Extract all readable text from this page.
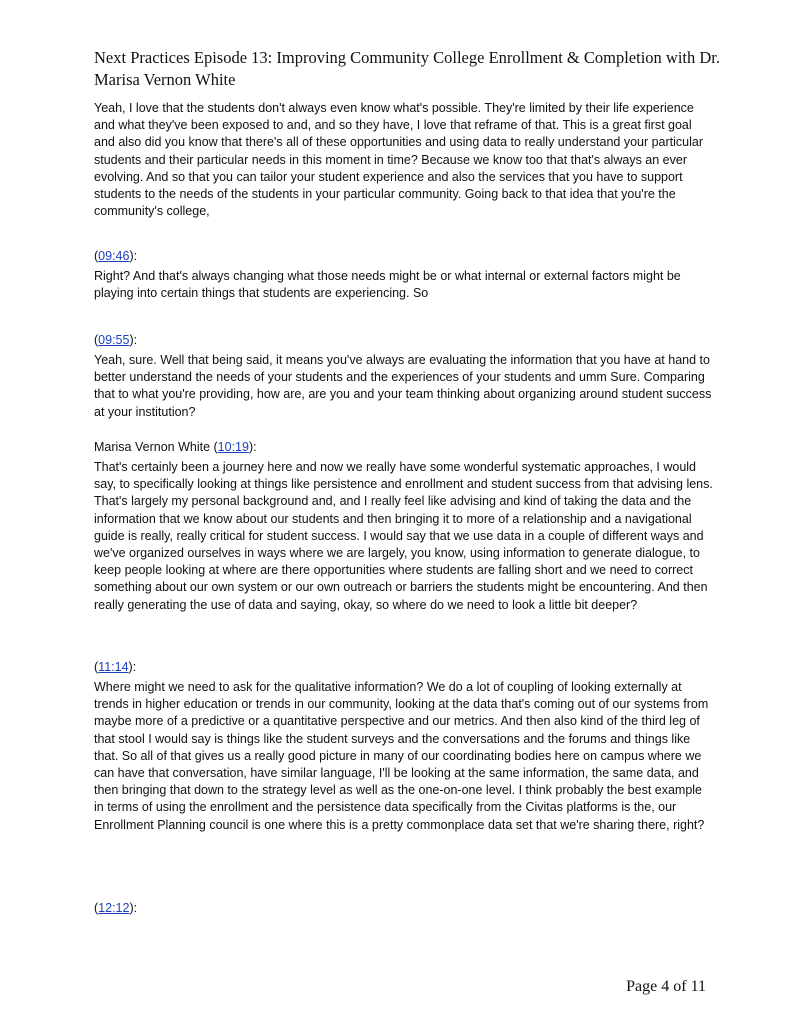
Next Practices Episode 13: Improving Community College Enrollment & Completion with Dr. Marisa Vernon White

Yeah, I love that the students don't always even know what's possible. They're limited by their life experience and what they've been exposed to and, and so they have, I love that reframe of that. This is a great first goal and also did you know that there's all of these opportunities and using data to really understand your particular students and their particular needs in this moment in time? Because we know too that that's always an ever evolving. And so that you can tailor your student experience and also the services that you have to support students to the needs of the students in your particular community. Going back to that idea that you're the community's college,

(09:46):

Right? And that's always changing what those needs might be or what internal or external factors might be playing into certain things that students are experiencing. So

(09:55):

Yeah, sure. Well that being said, it means you've always are evaluating the information that you have at hand to better understand the needs of your students and the experiences of your students and umm Sure. Comparing that to what you're providing, how are, are you and your team thinking about organizing around student success at your institution?

Marisa Vernon White (10:19):

That's certainly been a journey here and now we really have some wonderful systematic approaches, I would say, to specifically looking at things like persistence and enrollment and student success from that advising lens. That's largely my personal background and, and I really feel like advising and kind of taking the data and the information that we know about our students and then bringing it to more of a relationship and a navigational guide is really, really critical for student success. I would say that we use data in a couple of different ways and we've organized ourselves in ways where we are largely, you know, using information to generate dialogue, to keep people looking at where are there opportunities where students are falling short and we need to correct something about our own system or our own outreach or barriers the students might be encountering. And then really generating the use of data and saying, okay, so where do we need to look a little bit deeper?

(11:14):

Where might we need to ask for the qualitative information? We do a lot of coupling of looking externally at trends in higher education or trends in our community, looking at the data that's coming out of our systems from maybe more of a predictive or a quantitative perspective and our metrics. And then also kind of the third leg of that stool I would say is things like the student surveys and the conversations and the forums and things like that. So all of that gives us a really good picture in many of our coordinating bodies here on campus where we can have that conversation, have similar language, I'll be looking at the same information, the same data, and then bringing that down to the strategy level as well as the one-on-one level. I think probably the best example in terms of using the enrollment and the persistence data specifically from the Civitas platforms is the, our Enrollment Planning council is one where this is a pretty commonplace data set that we're sharing there, right?

(12:12):

Page 4 of 11
